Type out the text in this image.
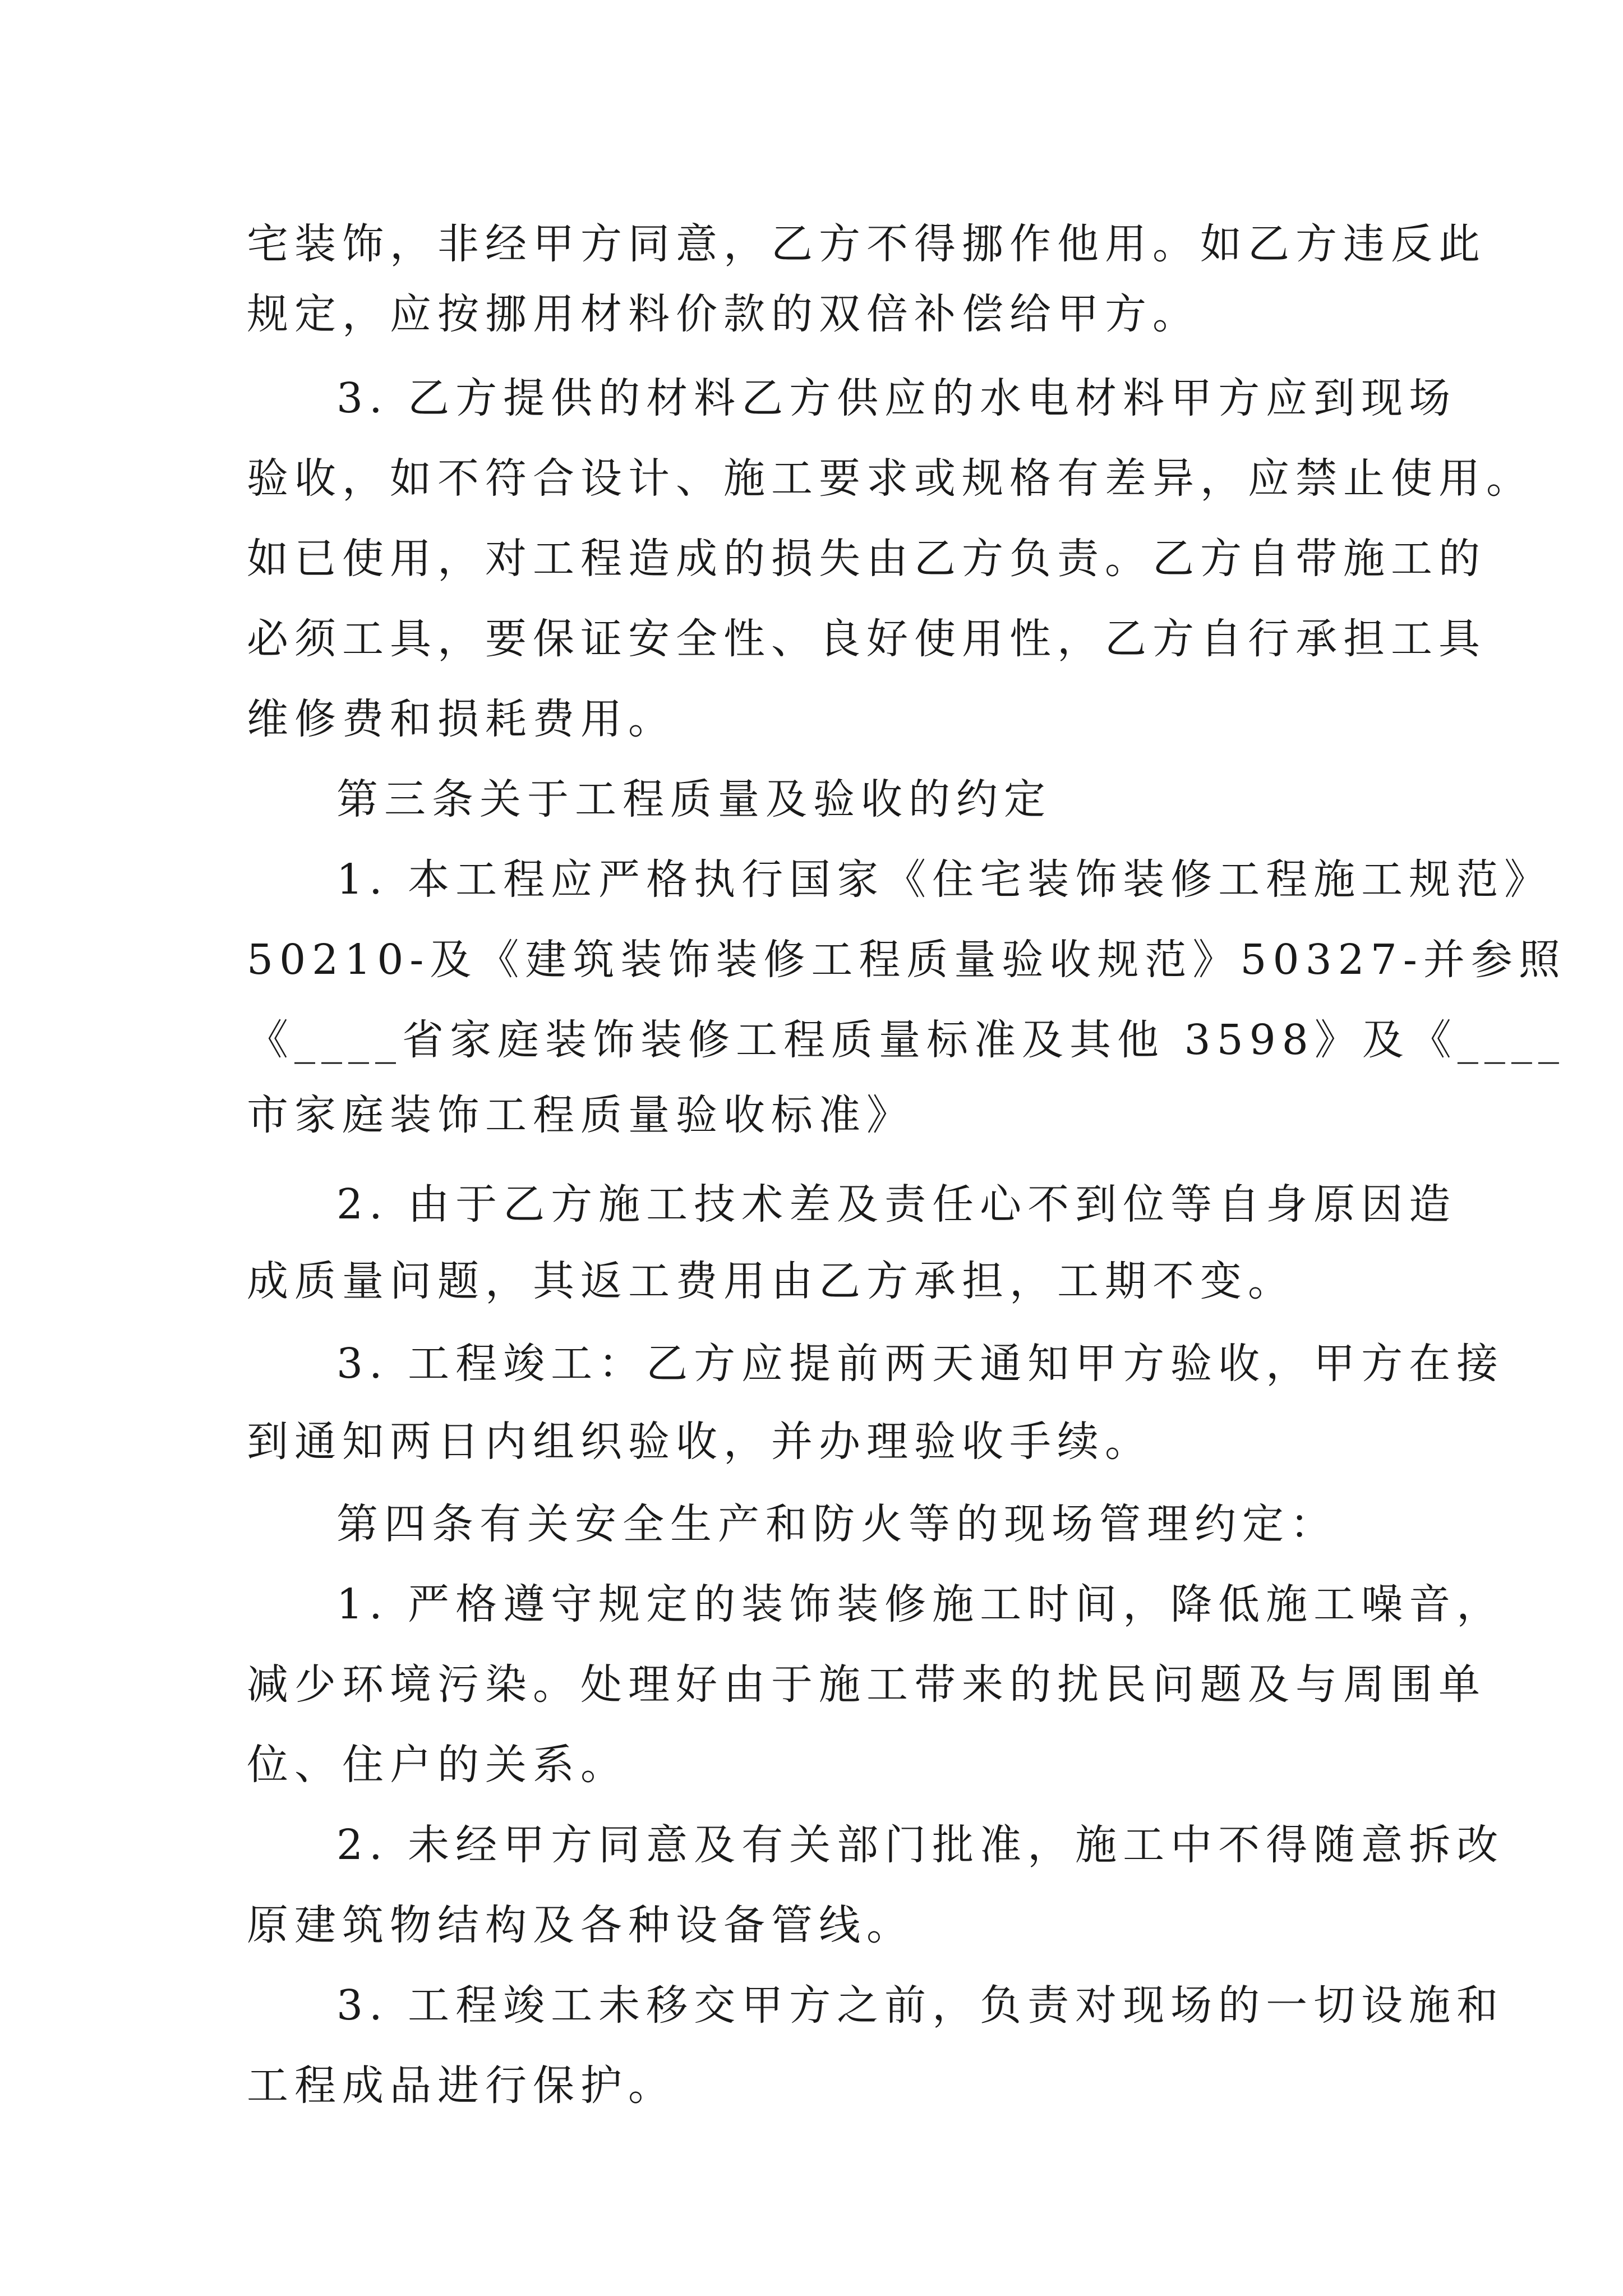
宅装饰，非经甲方同意，乙方不得挪作他用。如乙方违反此
规定，应按挪用材料价款的双倍补偿给甲方。
3. 乙方提供的材料乙方供应的水电材料甲方应到现场
验收，如不符合设计、施工要求或规格有差异，应禁止使用。
如已使用，对工程造成的损失由乙方负责。乙方自带施工的
必须工具，要保证安全性、良好使用性，乙方自行承担工具
维修费和损耗费用。
第三条关于工程质量及验收的约定
1. 本工程应严格执行国家《住宅装饰装修工程施工规范》
50210-及《建筑装饰装修工程质量验收规范》50327-并参照
《____省家庭装饰装修工程质量标准及其他 3598》及《____
市家庭装饰工程质量验收标准》
2. 由于乙方施工技术差及责任心不到位等自身原因造
成质量问题，其返工费用由乙方承担，工期不变。
3. 工程竣工：乙方应提前两天通知甲方验收，甲方在接
到通知两日内组织验收，并办理验收手续。
第四条有关安全生产和防火等的现场管理约定：
1. 严格遵守规定的装饰装修施工时间，降低施工噪音，
减少环境污染。处理好由于施工带来的扰民问题及与周围单
位、住户的关系。
2. 未经甲方同意及有关部门批准，施工中不得随意拆改
原建筑物结构及各种设备管线。
3. 工程竣工未移交甲方之前，负责对现场的一切设施和
工程成品进行保护。
